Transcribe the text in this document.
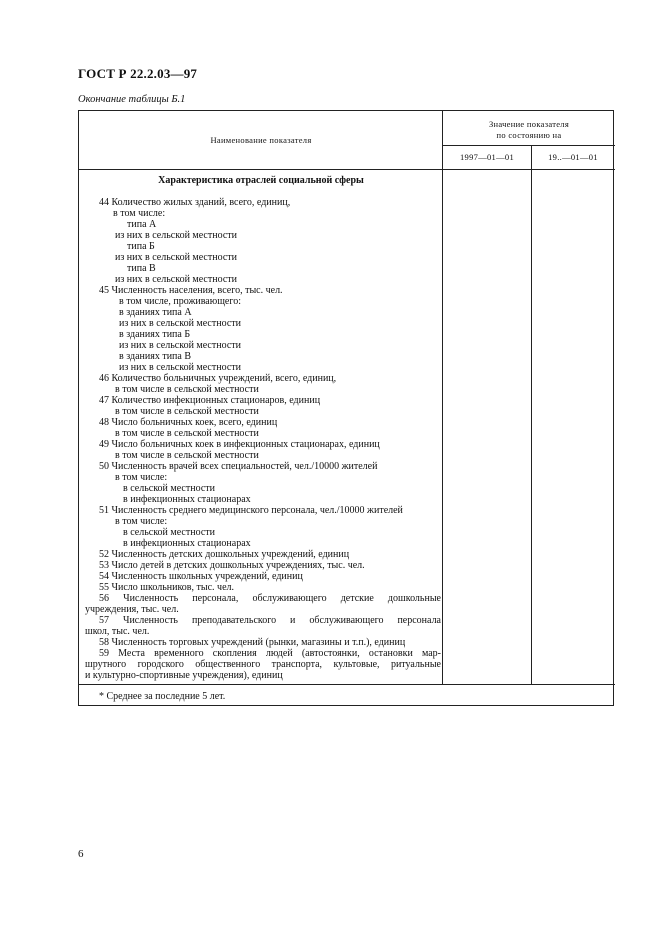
ГОСТ Р 22.2.03—97
Окончание таблицы Б.1
Наименование показателя
Значение показателя
по состоянию на
1997—01—01	19..—01—01
Характеристика отраслей социальной сферы
44 Количество жилых зданий, всего, единиц,
в том числе:
типа А
из них в сельской местности
типа Б
из них в сельской местности
типа В
из них в сельской местности
45 Численность населения, всего, тыс. чел.
в том числе, проживающего:
в зданиях типа А
из них в сельской местности
в зданиях типа Б
из них в сельской местности
в зданиях типа В
из них в сельской местности
46 Количество больничных учреждений, всего, единиц,
в том числе в сельской местности
47 Количество инфекционных стационаров, единиц
в том числе в сельской местности
48 Число больничных коек, всего, единиц
в том числе в сельской местности
49 Число больничных коек в инфекционных стационарах, единиц
в том числе в сельской местности
50 Численность врачей всех специальностей, чел./10000 жителей
в том числе:
в сельской местности
в инфекционных стационарах
51 Численность среднего медицинского персонала, чел./10000 жителей
в том числе:
в сельской местности
в инфекционных стационарах
52 Численность детских дошкольных учреждений, единиц
53 Число детей в детских дошкольных учреждениях, тыс. чел.
54 Численность школьных учреждений, единиц
55 Число школьников, тыс. чел.
56 Численность персонала, обслуживающего детские дошкольные
учреждения, тыс. чел.
57 Численность преподавательского и обслуживающего персонала
школ, тыс. чел.
58 Численность торговых учреждений (рынки, магазины и т.п.), единиц
59 Места временного скопления людей (автостоянки, остановки мар-
шрутного городского общественного транспорта, культовые, ритуальные
и культурно-спортивные учреждения), единиц
* Среднее за последние 5 лет.
6
